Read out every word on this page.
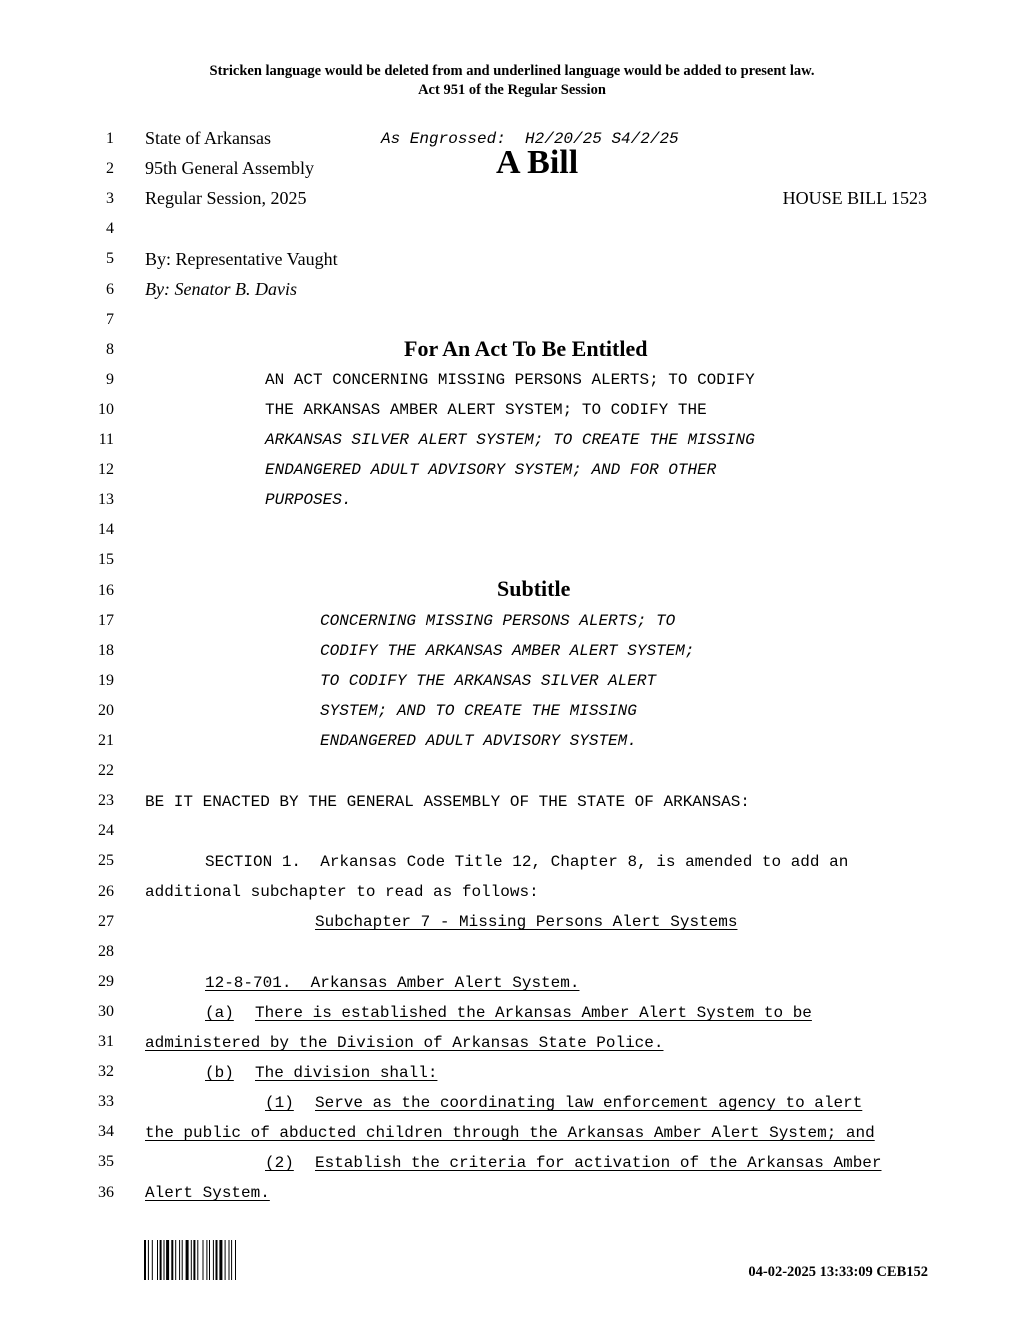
Stricken language would be deleted from and underlined language would be added to present law.
Act 951 of the Regular Session
1
2
3
4
5
6
7
8
9
10
11
12
13
14
15
16
17
18
19
20
21
22
23
24
25
26
27
28
29
30
31
32
33
34
35
36
State of Arkansas	As Engrossed:  H2/20/25 S4/2/25
95th General Assembly	A Bill
Regular Session, 2025	HOUSE BILL 1523
By: Representative Vaught
By: Senator B. Davis
For An Act To Be Entitled
AN ACT CONCERNING MISSING PERSONS ALERTS; TO CODIFY
THE ARKANSAS AMBER ALERT SYSTEM; TO CODIFY THE
ARKANSAS SILVER ALERT SYSTEM; TO CREATE THE MISSING
ENDANGERED ADULT ADVISORY SYSTEM; AND FOR OTHER
PURPOSES.
Subtitle
CONCERNING MISSING PERSONS ALERTS; TO
CODIFY THE ARKANSAS AMBER ALERT SYSTEM;
TO CODIFY THE ARKANSAS SILVER ALERT
SYSTEM; AND TO CREATE THE MISSING
ENDANGERED ADULT ADVISORY SYSTEM.
BE IT ENACTED BY THE GENERAL ASSEMBLY OF THE STATE OF ARKANSAS:
SECTION 1.  Arkansas Code Title 12, Chapter 8, is amended to add an
additional subchapter to read as follows:
Subchapter 7 - Missing Persons Alert Systems
12-8-701.  Arkansas Amber Alert System.
(a) There is established the Arkansas Amber Alert System to be
administered by the Division of Arkansas State Police.
(b) The division shall:
(1) Serve as the coordinating law enforcement agency to alert
the public of abducted children through the Arkansas Amber Alert System; and
(2) Establish the criteria for activation of the Arkansas Amber
Alert System.
04-02-2025 13:33:09 CEB152
